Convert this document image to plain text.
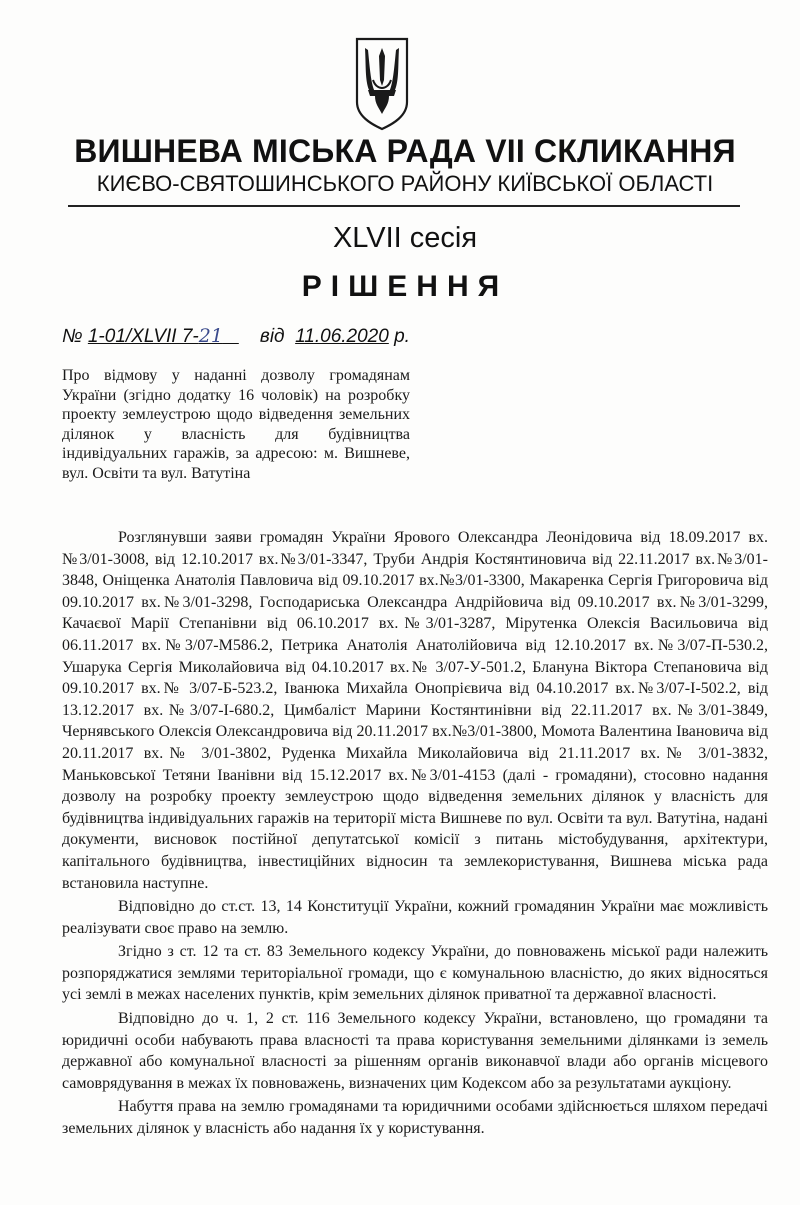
ВИШНЕВА МІСЬКА РАДА VII СКЛИКАННЯ
КИЄВО-СВЯТОШИНСЬКОГО РАЙОНУ КИЇВСЬКОЇ ОБЛАСТІ
XLVII сесія
РІШЕННЯ
№ 1-01/XLVII 7-21 від 11.06.2020 р.
Про відмову у наданні дозволу громадянам України (згідно додатку 16 чоловік) на розробку проекту землеустрою щодо відведення земельних ділянок у власність для будівництва індивідуальних гаражів, за адресою: м. Вишневе, вул. Освіти та вул. Ватутіна

Розглянувши заяви громадян України Ярового Олександра Леонідовича від 18.09.2017 вх.№3/01-3008, від 12.10.2017 вх.№3/01-3347, Труби Андрія Костянтиновича від 22.11.2017 вх.№3/01-3848, Оніщенка Анатолія Павловича від 09.10.2017 вх.№3/01-3300, Макаренка Сергія Григоровича від 09.10.2017 вх.№3/01-3298, Господариська Олександра Андрійовича від 09.10.2017 вх.№3/01-3299, Качаєвої Марії Степанівни від 06.10.2017 вх.№3/01-3287, Мірутенка Олексія Васильовича від 06.11.2017 вх.№3/07-М586.2, Петрика Анатолія Анатолійовича від 12.10.2017 вх.№3/07-П-530.2, Ушарука Сергія Миколайовича від 04.10.2017 вх.№ 3/07-У-501.2, Блануна Віктора Степановича від 09.10.2017 вх.№ 3/07-Б-523.2, Іванюка Михайла Онопрієвича від 04.10.2017 вх.№3/07-І-502.2, від 13.12.2017 вх.№3/07-І-680.2, Цимбаліст Марини Костянтинівни від 22.11.2017 вх.№3/01-3849, Чернявського Олексія Олександровича від 20.11.2017 вх.№3/01-3800, Момота Валентина Івановича від 20.11.2017 вх.№ 3/01-3802, Руденка Михайла Миколайовича від 21.11.2017 вх.№ 3/01-3832, Маньковської Тетяни Іванівни від 15.12.2017 вх.№3/01-4153 (далі - громадяни), стосовно надання дозволу на розробку проекту землеустрою щодо відведення земельних ділянок у власність для будівництва індивідуальних гаражів на території міста Вишневе по вул. Освіти та вул. Ватутіна, надані документи, висновок постійної депутатської комісії з питань містобудування, архітектури, капітального будівництва, інвестиційних відносин та землекористування, Вишнева міська рада встановила наступне.

Відповідно до ст.ст. 13, 14 Конституції України, кожний громадянин України має можливість реалізувати своє право на землю.

Згідно з ст. 12 та ст. 83 Земельного кодексу України, до повноважень міської ради належить розпоряджатися землями територіальної громади, що є комунальною власністю, до яких відносяться усі землі в межах населених пунктів, крім земельних ділянок приватної та державної власності.

Відповідно до ч. 1, 2 ст. 116 Земельного кодексу України, встановлено, що громадяни та юридичні особи набувають права власності та права користування земельними ділянками із земель державної або комунальної власності за рішенням органів виконавчої влади або органів місцевого самоврядування в межах їх повноважень, визначених цим Кодексом або за результатами аукціону.

Набуття права на землю громадянами та юридичними особами здійснюється шляхом передачі земельних ділянок у власність або надання їх у користування.
